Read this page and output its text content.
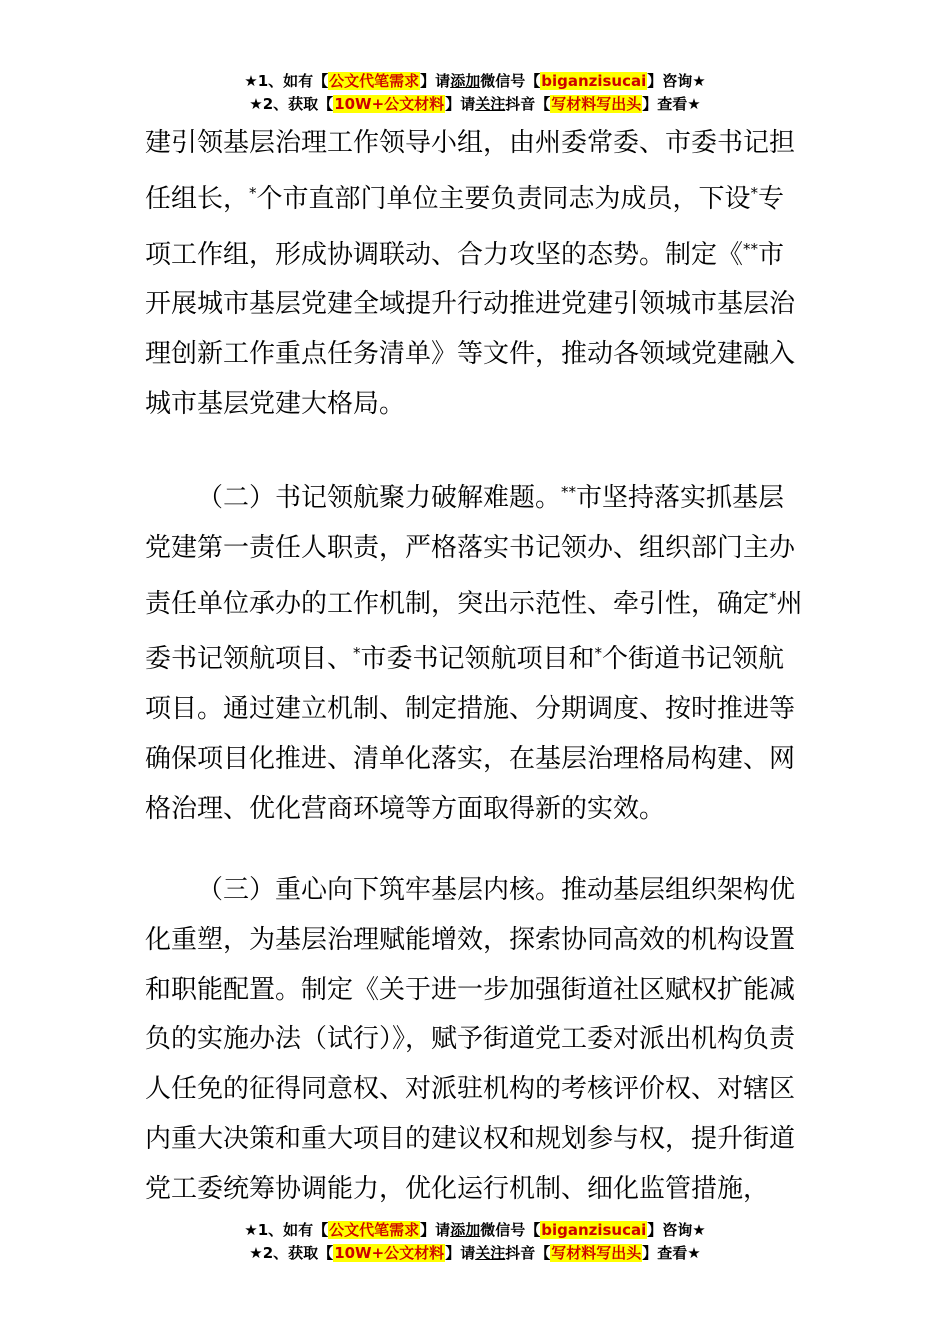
★1、如有【公文代笔需求】请添加微信号【biganzisucai】咨询★
★2、获取【10W+公文材料】请关注抖音【写材料写出头】查看★

建引领基层治理工作领导小组，由州委常委、市委书记担任组长，*个市直部门单位主要负责同志为成员，下设*专项工作组，形成协调联动、合力攻坚的态势。制定《**市开展城市基层党建全域提升行动推进党建引领城市基层治理创新工作重点任务清单》等文件，推动各领域党建融入城市基层党建大格局。

（二）书记领航聚力破解难题。**市坚持落实抓基层党建第一责任人职责，严格落实书记领办、组织部门主办责任单位承办的工作机制，突出示范性、牵引性，确定*州委书记领航项目、*市委书记领航项目和*个街道书记领航项目。通过建立机制、制定措施、分期调度、按时推进等确保项目化推进、清单化落实，在基层治理格局构建、网格治理、优化营商环境等方面取得新的实效。

（三）重心向下筑牢基层内核。推动基层组织架构优化重塑，为基层治理赋能增效，探索协同高效的机构设置和职能配置。制定《关于进一步加强街道社区赋权扩能减负的实施办法（试行）》，赋予街道党工委对派出机构负责人任免的征得同意权、对派驻机构的考核评价权、对辖区内重大决策和重大项目的建议权和规划参与权，提升街道党工委统筹协调能力，优化运行机制、细化监管措施，

★1、如有【公文代笔需求】请添加微信号【biganzisucai】咨询★
★2、获取【10W+公文材料】请关注抖音【写材料写出头】查看★
